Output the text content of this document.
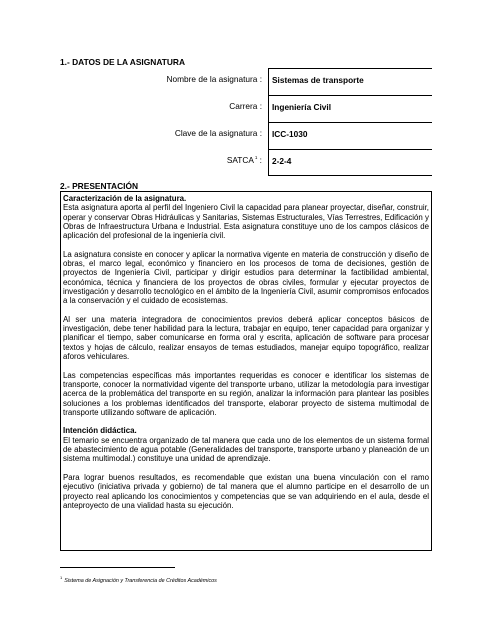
1.- DATOS DE LA ASIGNATURA
Nombre de la asignatura : Sistemas de transporte
Carrera : Ingeniería Civil
Clave de la asignatura : ICC-1030
SATCA$^1$ : 2-2-4
2.- PRESENTACIÓN
Caracterización de la asignatura.

Esta asignatura aporta al perfil del Ingeniero Civil la capacidad para planear proyectar, diseñar, construir, operar y conservar Obras Hidráulicas y Sanitarias, Sistemas Estructurales, Vías Terrestres, Edificación y Obras de Infraestructura Urbana e Industrial. Esta asignatura constituye uno de los campos clásicos de aplicación del profesional de la ingeniería civil.

La asignatura consiste en conocer y aplicar la normativa vigente en materia de construcción y diseño de obras, el marco legal, económico y financiero en los procesos de toma de decisiones, gestión de proyectos de Ingeniería Civil, participar y dirigir estudios para determinar la factibilidad ambiental, económica, técnica y financiera de los proyectos de obras civiles, formular y ejecutar proyectos de investigación y desarrollo tecnológico en el ámbito de la Ingeniería Civil, asumir compromisos enfocados a la conservación y el cuidado de ecosistemas.

Al ser una materia integradora de conocimientos previos deberá aplicar conceptos básicos de investigación, debe tener habilidad para la lectura, trabajar en equipo, tener capacidad para organizar y planificar el tiempo, saber comunicarse en forma oral y escrita, aplicación de software para procesar textos y hojas de cálculo, realizar ensayos de temas estudiados, manejar equipo topográfico, realizar aforos vehiculares.

Las competencias específicas más importantes requeridas es conocer e identificar los sistemas de transporte, conocer la normatividad vigente del transporte urbano, utilizar la metodología para investigar acerca de la problemática del transporte en su región, analizar la información para plantear las posibles soluciones a los problemas identificados del transporte, elaborar proyecto de sistema multimodal de transporte utilizando software de aplicación.

Intención didáctica.

El temario se encuentra organizado de tal manera que cada uno de los elementos de un sistema formal de abastecimiento de agua potable (Generalidades del transporte, transporte urbano y planeación de un sistema multimodal.) constituye una unidad de aprendizaje.

Para lograr buenos resultados, es recomendable que existan una buena vinculación con el ramo ejecutivo (iniciativa privada y gobierno) de tal manera que el alumno participe en el desarrollo de un proyecto real aplicando los conocimientos y competencias que se van adquiriendo en el aula, desde el anteproyecto de una vialidad hasta su ejecución.

$^1$Sistema de Asignación y Transferencia de Créditos Académicos
